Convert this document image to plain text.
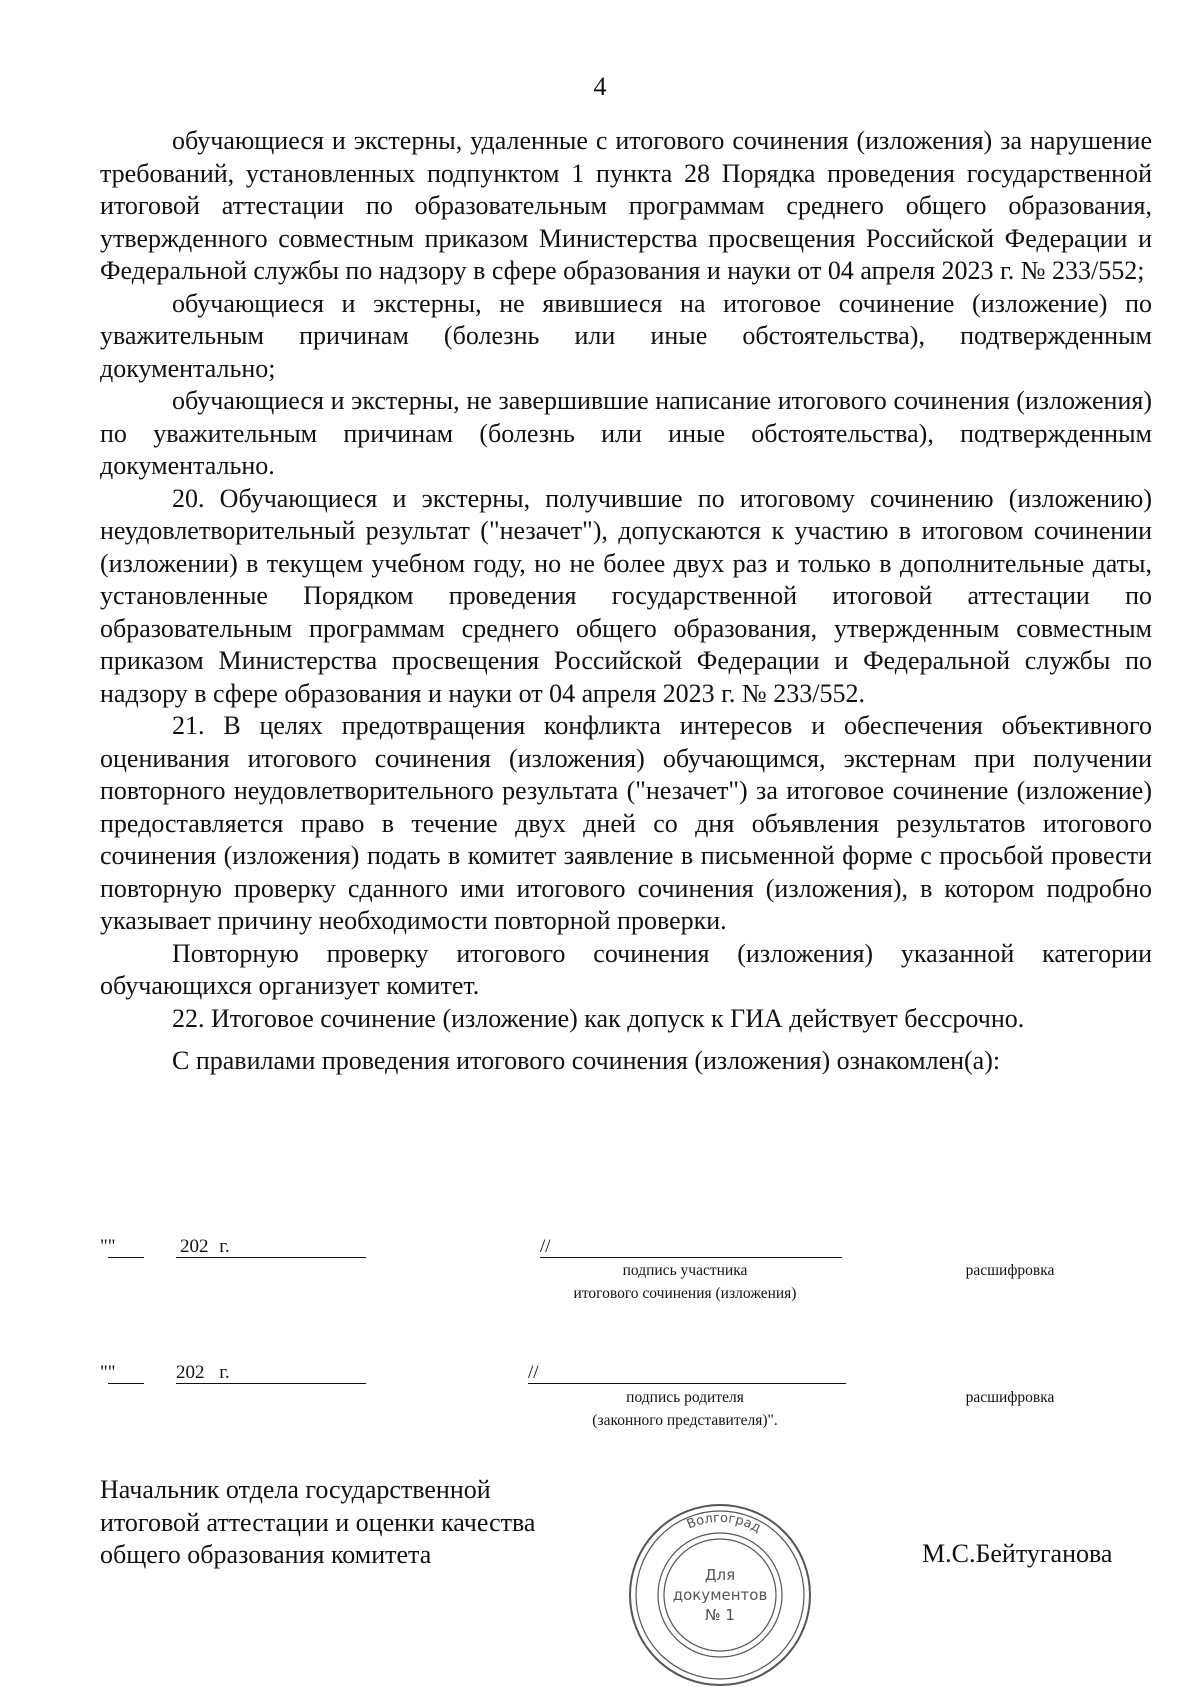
4

обучающиеся и экстерны, удаленные с итогового сочинения (изложения) за нарушение требований, установленных подпунктом 1 пункта 28 Порядка проведения государственной итоговой аттестации по образовательным программам среднего общего образования, утвержденного совместным приказом Министерства просвещения Российской Федерации и Федеральной службы по надзору в сфере образования и науки от 04 апреля 2023 г. № 233/552;

обучающиеся и экстерны, не явившиеся на итоговое сочинение (изложение) по уважительным причинам (болезнь или иные обстоятельства), подтвержденным документально;

обучающиеся и экстерны, не завершившие написание итогового сочинения (изложения) по уважительным причинам (болезнь или иные обстоятельства), подтвержденным документально.

20. Обучающиеся и экстерны, получившие по итоговому сочинению (изложению) неудовлетворительный результат ("незачет"), допускаются к участию в итоговом сочинении (изложении) в текущем учебном году, но не более двух раз и только в дополнительные даты, установленные Порядком проведения государственной итоговой аттестации по образовательным программам среднего общего образования, утвержденным совместным приказом Министерства просвещения Российской Федерации и Федеральной службы по надзору в сфере образования и науки от 04 апреля 2023 г. № 233/552.

21. В целях предотвращения конфликта интересов и обеспечения объективного оценивания итогового сочинения (изложения) обучающимся, экстернам при получении повторного неудовлетворительного результата ("незачет") за итоговое сочинение (изложение) предоставляется право в течение двух дней со дня объявления результатов итогового сочинения (изложения) подать в комитет заявление в письменной форме с просьбой провести повторную проверку сданного ими итогового сочинения (изложения), в котором подробно указывает причину необходимости повторной проверки.

Повторную проверку итогового сочинения (изложения) указанной категории обучающихся организует комитет.

22. Итоговое сочинение (изложение) как допуск к ГИА действует бессрочно.

С правилами проведения итогового сочинения (изложения) ознакомлен(а):

"
"	202 г.	/
/
подпись участника
итогового сочинения (изложения)
расшифровка
"
"	202 г.	/
/
подпись родителя
(законного представителя)".
расшифровка
Начальник отдела государственной
итоговой аттестации и оценки качества
общего образования комитета	М.С.Бейтуганова
Волгоград
Для
документов
№ 1
